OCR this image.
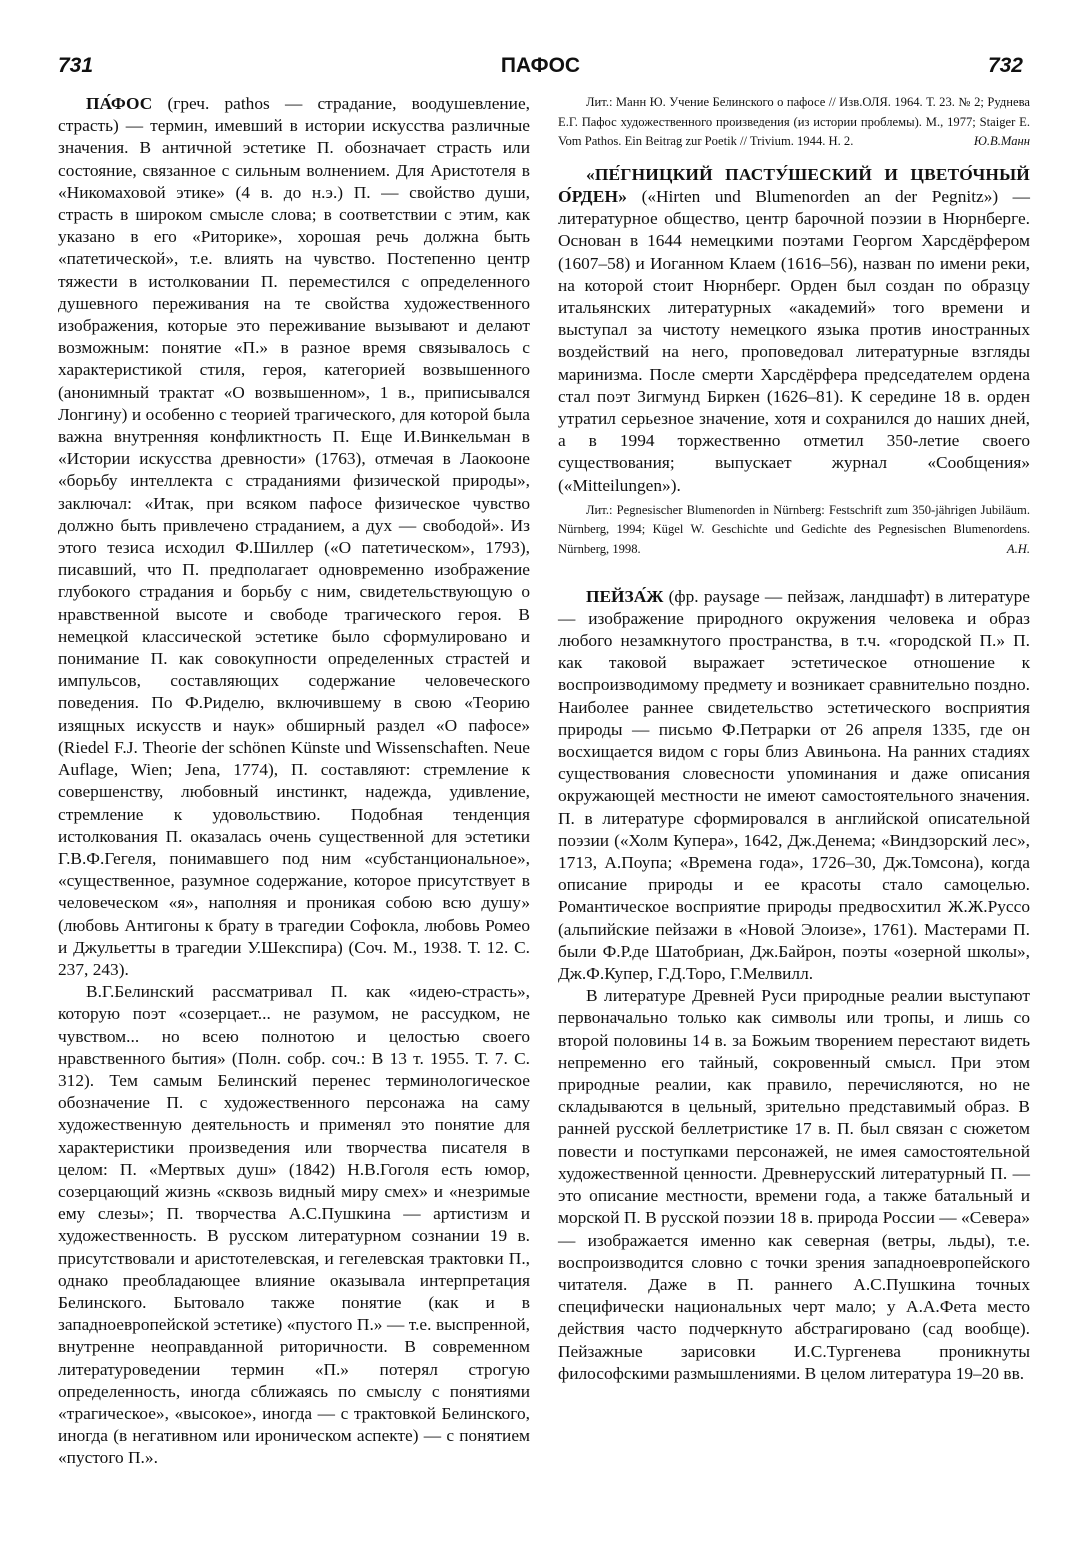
731	ПАФОС	732

ПА́ФОС (греч. pathos — страдание, воодушевление, страсть) — термин, имевший в истории искусства различные значения. В античной эстетике П. обозначает страсть или состояние, связанное с сильным волнением. Для Аристотеля в «Никомаховой этике» (4 в. до н.э.) П. — свойство души, страсть в широком смысле слова; в соответствии с этим, как указано в его «Риторике», хорошая речь должна быть «патетической», т.е. влиять на чувство. Постепенно центр тяжести в истолковании П. переместился с определенного душевного переживания на те свойства художественного изображения, которые это переживание вызывают и делают возможным: понятие «П.» в разное время связывалось с характеристикой стиля, героя, категорией возвышенного (анонимный трактат «О возвышенном», 1 в., приписывался Лонгину) и особенно с теорией трагического, для которой была важна внутренняя конфликтность П. Еще И.Винкельман в «Истории искусства древности» (1763), отмечая в Лаокооне «борьбу интеллекта с страданиями физической природы», заключал: «Итак, при всяком пафосе физическое чувство должно быть привлечено страданием, а дух — свободой». Из этого тезиса исходил Ф.Шиллер («О патетическом», 1793), писавший, что П. предполагает одновременно изображение глубокого страдания и борьбу с ним, свидетельствующую о нравственной высоте и свободе трагического героя. В немецкой классической эстетике было сформулировано и понимание П. как совокупности определенных страстей и импульсов, составляющих содержание человеческого поведения. По Ф.Риделю, включившему в свою «Теорию изящных искусств и наук» обширный раздел «О пафосе» (Riedel F.J. Theorie der schönen Künste und Wissenschaften. Neue Auflage, Wien; Jena, 1774), П. составляют: стремление к совершенству, любовный инстинкт, надежда, удивление, стремление к удовольствию. Подобная тенденция истолкования П. оказалась очень существенной для эстетики Г.В.Ф.Гегеля, понимавшего под ним «субстанциональное», «существенное, разумное содержание, которое присутствует в человеческом «я», наполняя и проникая собою всю душу» (любовь Антигоны к брату в трагедии Софокла, любовь Ромео и Джульетты в трагедии У.Шекспира) (Соч. М., 1938. Т. 12. С. 237, 243).

В.Г.Белинский рассматривал П. как «идею-страсть», которую поэт «созерцает... не разумом, не рассудком, не чувством... но всею полнотою и целостью своего нравственного бытия» (Полн. собр. соч.: В 13 т. 1955. Т. 7. С. 312). Тем самым Белинский перенес терминологическое обозначение П. с художественного персонажа на саму художественную деятельность и применял это понятие для характеристики произведения или творчества писателя в целом: П. «Мертвых душ» (1842) Н.В.Гоголя есть юмор, созерцающий жизнь «сквозь видный миру смех» и «незримые ему слезы»; П. творчества А.С.Пушкина — артистизм и художественность. В русском литературном сознании 19 в. присутствовали и аристотелевская, и гегелевская трактовки П., однако преобладающее влияние оказывала интерпретация Белинского. Бытовало также понятие (как и в западноевропейской эстетике) «пустого П.» — т.е. выспренной, внутренне неоправданной риторичности. В современном литературоведении термин «П.» потерял строгую определенность, иногда сближаясь по смыслу с понятиями «трагическое», «высокое», иногда — с трактовкой Белинского, иногда (в негативном или ироническом аспекте) — с понятием «пустого П.».

Лит.: Манн Ю. Учение Белинского о пафосе // Изв.ОЛЯ. 1964. Т. 23. № 2; Руднева Е.Г. Пафос художественного произведения (из истории проблемы). М., 1977; Staiger E. Vom Pathos. Ein Beitrag zur Poetik // Trivium. 1944. H. 2.	Ю.В.Манн

«ПЕ́ГНИЦКИЙ ПАСТУ́ШЕСКИЙ И ЦВЕТО́ЧНЫЙ О́РДЕН» («Hirten und Blumenorden an der Pegnitz») — литературное общество, центр барочной поэзии в Нюрнберге. Основан в 1644 немецкими поэтами Георгом Харсдёрфером (1607–58) и Иоганном Клаем (1616–56), назван по имени реки, на которой стоит Нюрнберг. Орден был создан по образцу итальянских литературных «академий» того времени и выступал за чистоту немецкого языка против иностранных воздействий на него, проповедовал литературные взгляды маринизма. После смерти Харсдёрфера председателем ордена стал поэт Зигмунд Биркен (1626–81). К середине 18 в. орден утратил серьезное значение, хотя и сохранился до наших дней, а в 1994 торжественно отметил 350-летие своего существования; выпускает журнал «Сообщения» («Mitteilungen»).

Лит.: Pegnesischer Blumenorden in Nürnberg: Festschrift zum 350-jährigen Jubiläum. Nürnberg, 1994; Kügel W. Geschichte und Gedichte des Pegnesischen Blumenordens. Nürnberg, 1998.	А.Н.

ПЕЙЗА́Ж (фр. paysage — пейзаж, ландшафт) в литературе — изображение природного окружения человека и образ любого незамкнутого пространства, в т.ч. «городской П.» П. как таковой выражает эстетическое отношение к воспроизводимому предмету и возникает сравнительно поздно. Наиболее раннее свидетельство эстетического восприятия природы — письмо Ф.Петрарки от 26 апреля 1335, где он восхищается видом с горы близ Авиньона. На ранних стадиях существования словесности упоминания и даже описания окружающей местности не имеют самостоятельного значения. П. в литературе сформировался в английской описательной поэзии («Холм Купера», 1642, Дж.Денема; «Виндзорский лес», 1713, А.Поупа; «Времена года», 1726–30, Дж.Томсона), когда описание природы и ее красоты стало самоцелью. Романтическое восприятие природы предвосхитил Ж.Ж.Руссо (альпийские пейзажи в «Новой Элоизе», 1761). Мастерами П. были Ф.Р.де Шатобриан, Дж.Байрон, поэты «озерной школы», Дж.Ф.Купер, Г.Д.Торо, Г.Мелвилл.

В литературе Древней Руси природные реалии выступают первоначально только как символы или тропы, и лишь со второй половины 14 в. за Божьим творением перестают видеть непременно его тайный, сокровенный смысл. При этом природные реалии, как правило, перечисляются, но не складываются в цельный, зрительно представимый образ. В ранней русской беллетристике 17 в. П. был связан с сюжетом повести и поступками персонажей, не имея самостоятельной художественной ценности. Древнерусский литературный П. — это описание местности, времени года, а также батальный и морской П. В русской поэзии 18 в. природа России — «Севера» — изображается именно как северная (ветры, льды), т.е. воспроизводится словно с точки зрения западноевропейского читателя. Даже в П. раннего А.С.Пушкина точных специфически национальных черт мало; у А.А.Фета место действия часто подчеркнуто абстрагировано (сад вообще). Пейзажные зарисовки И.С.Тургенева проникнуты философскими размышлениями. В целом литература 19–20 вв.
